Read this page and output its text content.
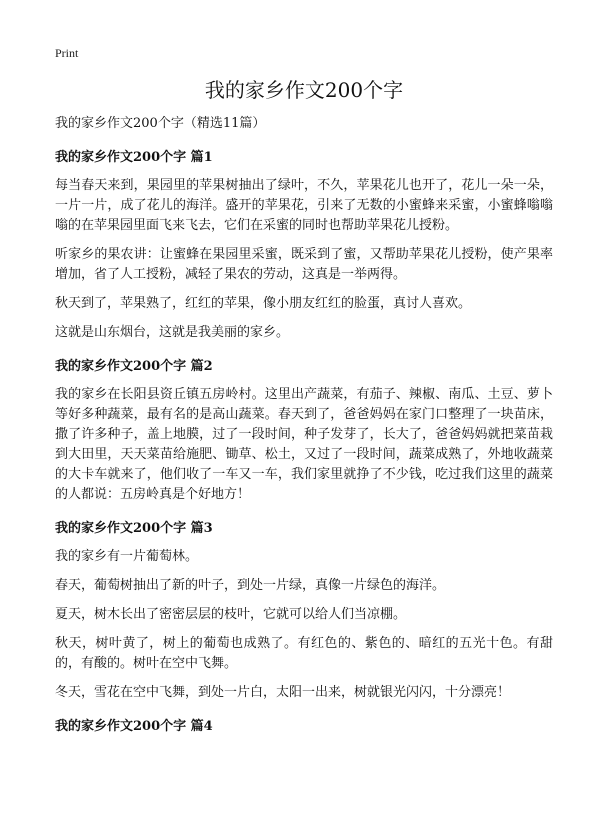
Print
我的家乡作文200个字
我的家乡作文200个字（精选11篇）
我的家乡作文200个字 篇1

每当春天来到，果园里的苹果树抽出了绿叶，不久，苹果花儿也开了，花儿一朵一朵，一片一片，成了花儿的海洋。盛开的苹果花，引来了无数的小蜜蜂来采蜜，小蜜蜂嗡嗡嗡的在苹果园里面飞来飞去，它们在采蜜的同时也帮助苹果花儿授粉。

听家乡的果农讲：让蜜蜂在果园里采蜜，既采到了蜜，又帮助苹果花儿授粉，使产果率增加，省了人工授粉，减轻了果农的劳动，这真是一举两得。

秋天到了，苹果熟了，红红的苹果，像小朋友红红的脸蛋，真讨人喜欢。

这就是山东烟台，这就是我美丽的家乡。

我的家乡作文200个字 篇2

我的家乡在长阳县资丘镇五房岭村。这里出产蔬菜，有茄子、辣椒、南瓜、土豆、萝卜等好多种蔬菜，最有名的是高山蔬菜。春天到了，爸爸妈妈在家门口整理了一块苗床，撒了许多种子，盖上地膜，过了一段时间，种子发芽了，长大了，爸爸妈妈就把菜苗栽到大田里，天天菜苗给施肥、锄草、松土，又过了一段时间，蔬菜成熟了，外地收蔬菜的大卡车就来了，他们收了一车又一车，我们家里就挣了不少钱，吃过我们这里的蔬菜的人都说：五房岭真是个好地方！

我的家乡作文200个字 篇3

我的家乡有一片葡萄林。

春天，葡萄树抽出了新的叶子，到处一片绿，真像一片绿色的海洋。

夏天，树木长出了密密层层的枝叶，它就可以给人们当凉棚。

秋天，树叶黄了，树上的葡萄也成熟了。有红色的、紫色的、暗红的五光十色。有甜的，有酸的。树叶在空中飞舞。

冬天，雪花在空中飞舞，到处一片白，太阳一出来，树就银光闪闪，十分漂亮！

我的家乡作文200个字 篇4
